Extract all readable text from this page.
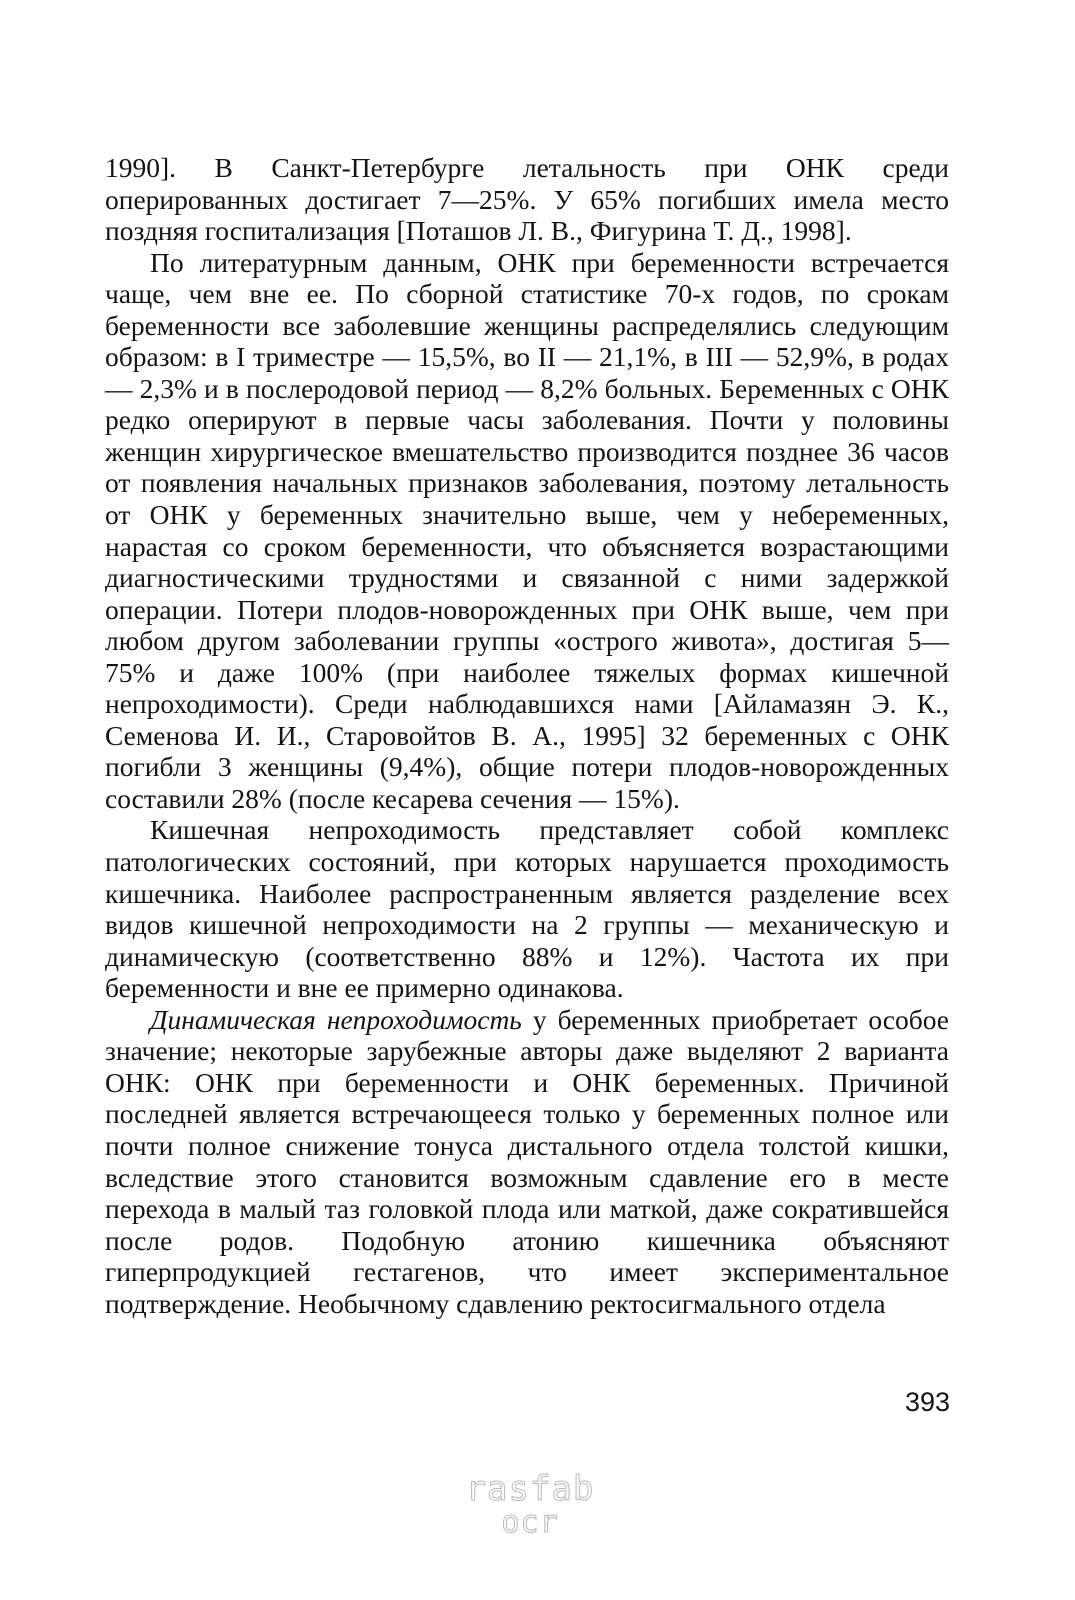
1990]. В Санкт-Петербурге летальность при ОНК среди оперированных достигает 7—25%. У 65% погибших имела место поздняя госпитализация [Поташов Л. В., Фигурина Т. Д., 1998].

По литературным данным, ОНК при беременности встречается чаще, чем вне ее. По сборной статистике 70-х годов, по срокам беременности все заболевшие женщины распределялись следующим образом: в I триместре — 15,5%, во II — 21,1%, в III — 52,9%, в родах — 2,3% и в послеродовой период — 8,2% больных. Беременных с ОНК редко оперируют в первые часы заболевания. Почти у половины женщин хирургическое вмешательство производится позднее 36 часов от появления начальных признаков заболевания, поэтому летальность от ОНК у беременных значительно выше, чем у небеременных, нарастая со сроком беременности, что объясняется возрастающими диагностическими трудностями и связанной с ними задержкой операции. Потери плодов-новорожденных при ОНК выше, чем при любом другом заболевании группы «острого живота», достигая 5—75% и даже 100% (при наиболее тяжелых формах кишечной непроходимости). Среди наблюдавшихся нами [Айламазян Э. К., Семенова И. И., Старовойтов В. А., 1995] 32 беременных с ОНК погибли 3 женщины (9,4%), общие потери плодов-новорожденных составили 28% (после кесарева сечения — 15%).

Кишечная непроходимость представляет собой комплекс патологических состояний, при которых нарушается проходимость кишечника. Наиболее распространенным является разделение всех видов кишечной непроходимости на 2 группы — механическую и динамическую (соответственно 88% и 12%). Частота их при беременности и вне ее примерно одинакова.

Динамическая непроходимость у беременных приобретает особое значение; некоторые зарубежные авторы даже выделяют 2 варианта ОНК: ОНК при беременности и ОНК беременных. Причиной последней является встречающееся только у беременных полное или почти полное снижение тонуса дистального отдела толстой кишки, вследствие этого становится возможным сдавление его в месте перехода в малый таз головкой плода или маткой, даже сократившейся после родов. Подобную атонию кишечника объясняют гиперпродукцией гестагенов, что имеет экспериментальное подтверждение. Необычному сдавлению ректосигмального отдела

393
rasfab
ocr
